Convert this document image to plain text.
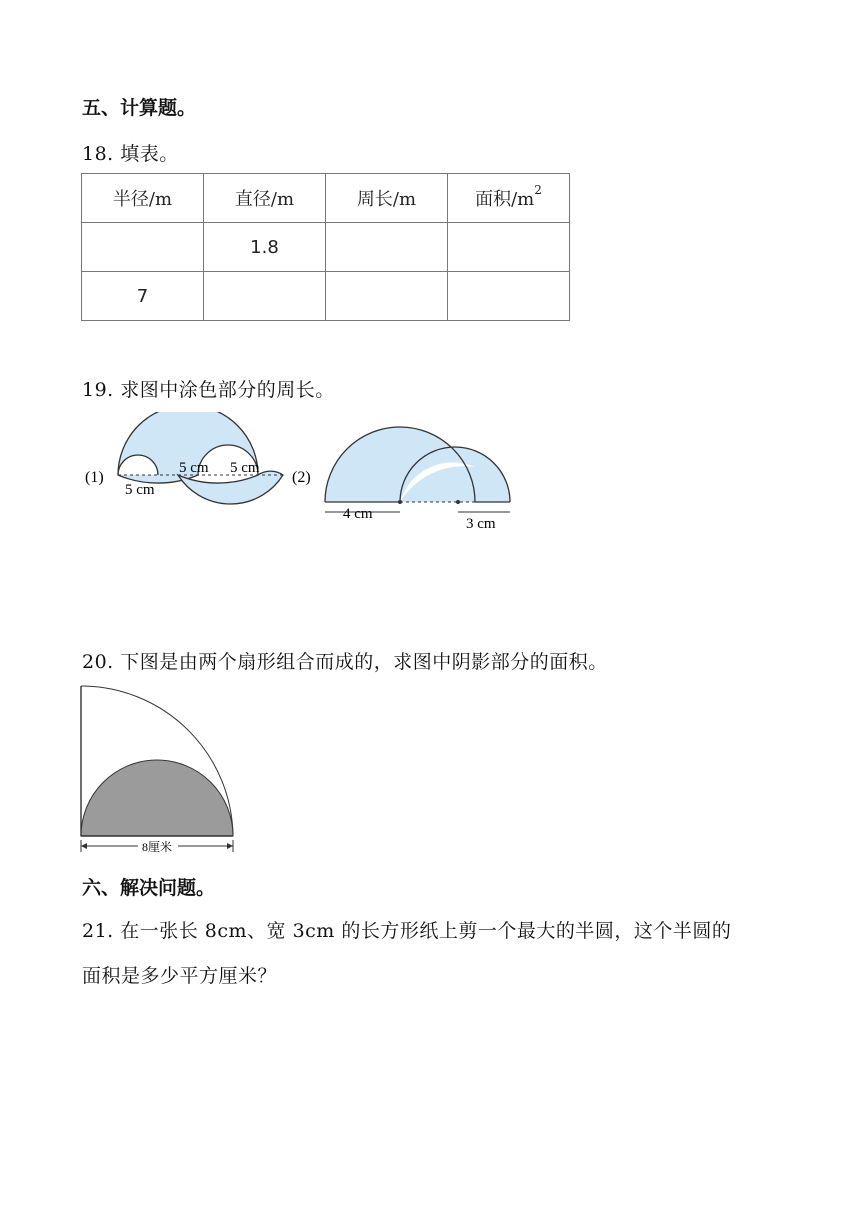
五、计算题。
18. 填表。
半径/m	直径/m	周长/m	面积$/m^2$
	1.8		
7			
19. 求图中涂色部分的周长。
(1)
5 cm
5 cm 5 cm
(2)
4 cm
3 cm
20. 下图是由两个扇形组合而成的，求图中阴影部分的面积。
8厘米
六、解决问题。
21. 在一张长 8cm、宽 3cm 的长方形纸上剪一个最大的半圆，这个半圆的
面积是多少平方厘米？
